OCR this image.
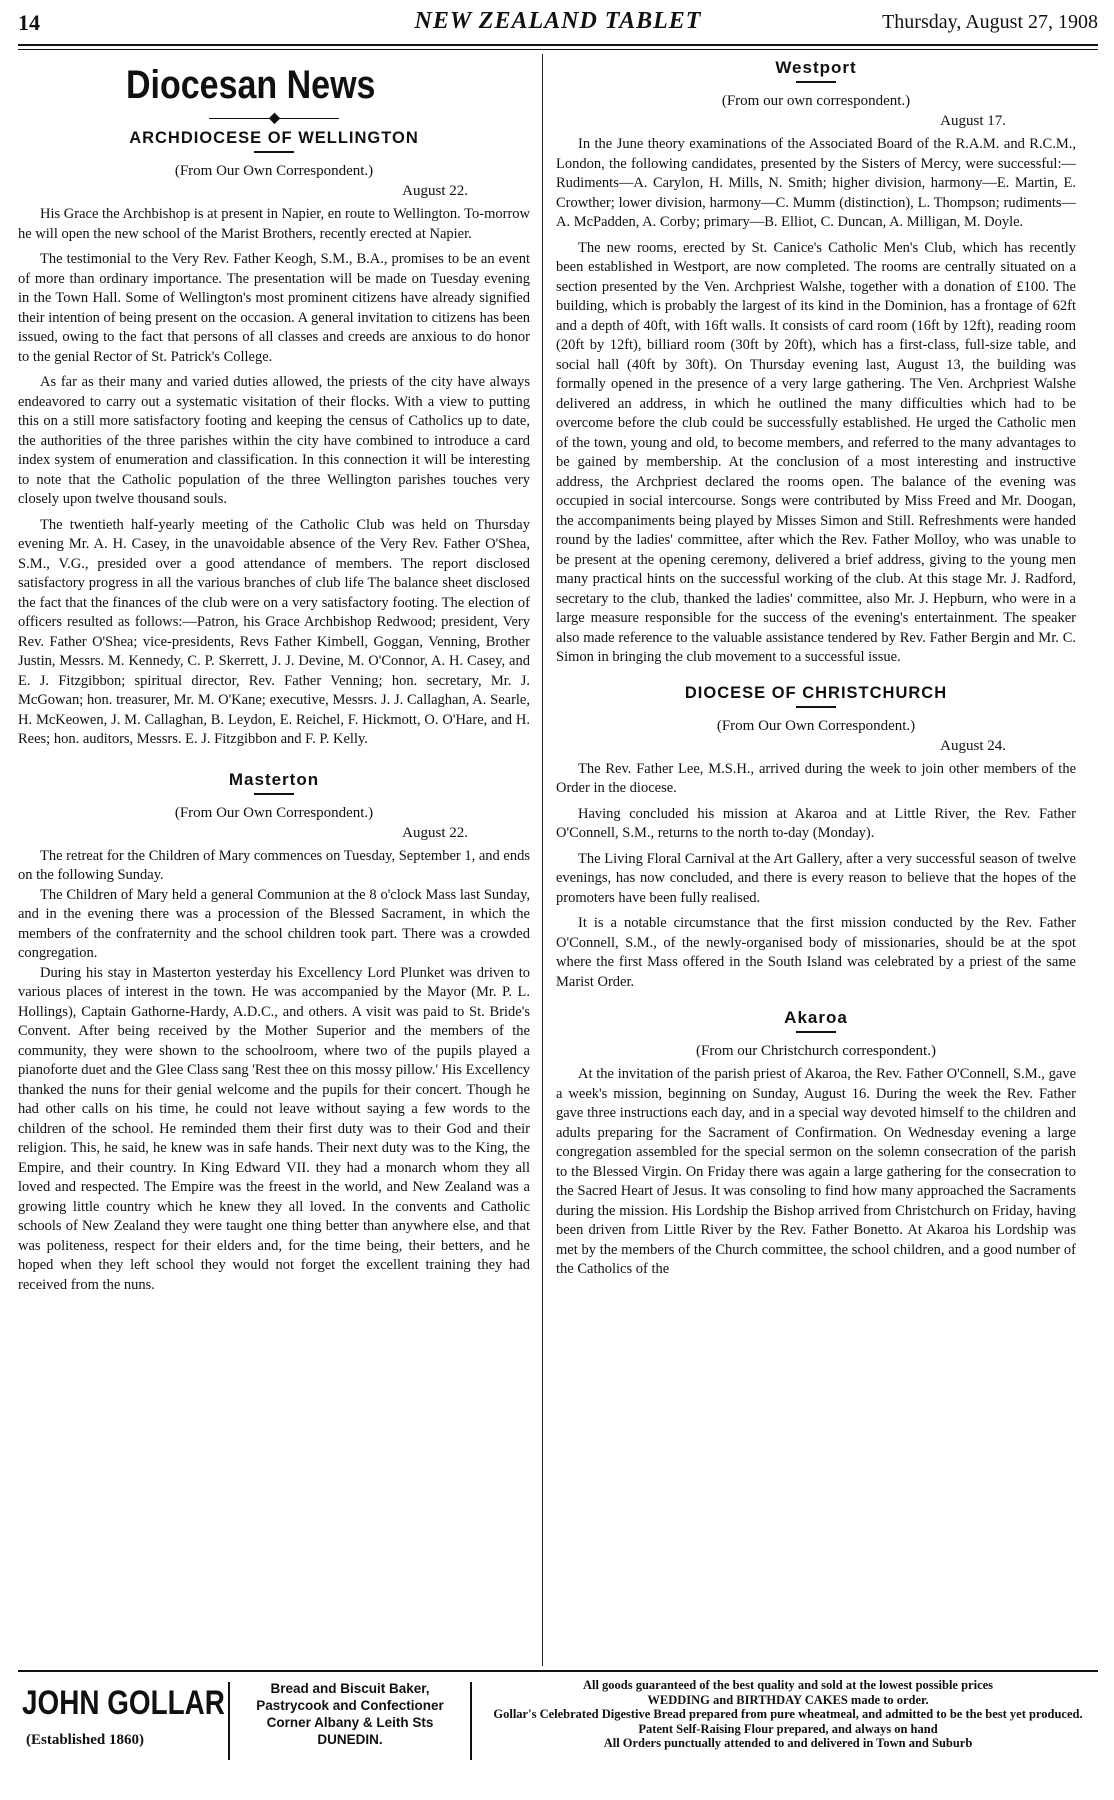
14	NEW ZEALAND TABLET	Thursday, August 27, 1908
Diocesan News
◆
ARCHDIOCESE OF WELLINGTON
(From Our Own Correspondent.)
August 22.

His Grace the Archbishop is at present in Napier, en route to Wellington. To-morrow he will open the new school of the Marist Brothers, recently erected at Napier.

The testimonial to the Very Rev. Father Keogh, S.M., B.A., promises to be an event of more than ordinary importance. The presentation will be made on Tuesday evening in the Town Hall. Some of Wellington's most prominent citizens have already signified their intention of being present on the occasion. A general invitation to citizens has been issued, owing to the fact that persons of all classes and creeds are anxious to do honor to the genial Rector of St. Patrick's College.

As far as their many and varied duties allowed, the priests of the city have always endeavored to carry out a systematic visitation of their flocks. With a view to putting this on a still more satisfactory footing and keeping the census of Catholics up to date, the authorities of the three parishes within the city have combined to introduce a card index system of enumeration and classification. In this connection it will be interesting to note that the Catholic population of the three Wellington parishes touches very closely upon twelve thousand souls.

The twentieth half-yearly meeting of the Catholic Club was held on Thursday evening Mr. A. H. Casey, in the unavoidable absence of the Very Rev. Father O'Shea, S.M., V.G., presided over a good attendance of members. The report disclosed satisfactory progress in all the various branches of club life The balance sheet disclosed the fact that the finances of the club were on a very satisfactory footing. The election of officers resulted as follows:—Patron, his Grace Archbishop Redwood; president, Very Rev. Father O'Shea; vice-presidents, Revs Father Kimbell, Goggan, Venning, Brother Justin, Messrs. M. Kennedy, C. P. Skerrett, J. J. Devine, M. O'Connor, A. H. Casey, and E. J. Fitzgibbon; spiritual director, Rev. Father Venning; hon. secretary, Mr. J. McGowan; hon. treasurer, Mr. M. O'Kane; executive, Messrs. J. J. Callaghan, A. Searle, H. McKeowen, J. M. Callaghan, B. Leydon, E. Reichel, F. Hickmott, O. O'Hare, and H. Rees; hon. auditors, Messrs. E. J. Fitzgibbon and F. P. Kelly.

Masterton
(From Our Own Correspondent.)
August 22.

The retreat for the Children of Mary commences on Tuesday, September 1, and ends on the following Sunday.

The Children of Mary held a general Communion at the 8 o'clock Mass last Sunday, and in the evening there was a procession of the Blessed Sacrament, in which the members of the confraternity and the school children took part. There was a crowded congregation.

During his stay in Masterton yesterday his Excellency Lord Plunket was driven to various places of interest in the town. He was accompanied by the Mayor (Mr. P. L. Hollings), Captain Gathorne-Hardy, A.D.C., and others. A visit was paid to St. Bride's Convent. After being received by the Mother Superior and the members of the community, they were shown to the schoolroom, where two of the pupils played a pianoforte duet and the Glee Class sang 'Rest thee on this mossy pillow.' His Excellency thanked the nuns for their genial welcome and the pupils for their concert. Though he had other calls on his time, he could not leave without saying a few words to the children of the school. He reminded them their first duty was to their God and their religion. This, he said, he knew was in safe hands. Their next duty was to the King, the Empire, and their country. In King Edward VII. they had a monarch whom they all loved and respected. The Empire was the freest in the world, and New Zealand was a growing little country which he knew they all loved. In the convents and Catholic schools of New Zealand they were taught one thing better than anywhere else, and that was politeness, respect for their elders and, for the time being, their betters, and he hoped when they left school they would not forget the excellent training they had received from the nuns.

Westport
(From our own correspondent.)
August 17.

In the June theory examinations of the Associated Board of the R.A.M. and R.C.M., London, the following candidates, presented by the Sisters of Mercy, were successful:—Rudiments—A. Carylon, H. Mills, N. Smith; higher division, harmony—E. Martin, E. Crowther; lower division, harmony—C. Mumm (distinction), L. Thompson; rudiments—A. McPadden, A. Corby; primary—B. Elliot, C. Duncan, A. Milligan, M. Doyle.

The new rooms, erected by St. Canice's Catholic Men's Club, which has recently been established in Westport, are now completed. The rooms are centrally situated on a section presented by the Ven. Archpriest Walshe, together with a donation of £100. The building, which is probably the largest of its kind in the Dominion, has a frontage of 62ft and a depth of 40ft, with 16ft walls. It consists of card room (16ft by 12ft), reading room (20ft by 12ft), billiard room (30ft by 20ft), which has a first-class, full-size table, and social hall (40ft by 30ft). On Thursday evening last, August 13, the building was formally opened in the presence of a very large gathering. The Ven. Archpriest Walshe delivered an address, in which he outlined the many difficulties which had to be overcome before the club could be successfully established. He urged the Catholic men of the town, young and old, to become members, and referred to the many advantages to be gained by membership. At the conclusion of a most interesting and instructive address, the Archpriest declared the rooms open. The balance of the evening was occupied in social intercourse. Songs were contributed by Miss Freed and Mr. Doogan, the accompaniments being played by Misses Simon and Still. Refreshments were handed round by the ladies' committee, after which the Rev. Father Molloy, who was unable to be present at the opening ceremony, delivered a brief address, giving to the young men many practical hints on the successful working of the club. At this stage Mr. J. Radford, secretary to the club, thanked the ladies' committee, also Mr. J. Hepburn, who were in a large measure responsible for the success of the evening's entertainment. The speaker also made reference to the valuable assistance tendered by Rev. Father Bergin and Mr. C. Simon in bringing the club movement to a successful issue.

DIOCESE OF CHRISTCHURCH
(From Our Own Correspondent.)
August 24.

The Rev. Father Lee, M.S.H., arrived during the week to join other members of the Order in the diocese.

Having concluded his mission at Akaroa and at Little River, the Rev. Father O'Connell, S.M., returns to the north to-day (Monday).

The Living Floral Carnival at the Art Gallery, after a very successful season of twelve evenings, has now concluded, and there is every reason to believe that the hopes of the promoters have been fully realised.

It is a notable circumstance that the first mission conducted by the Rev. Father O'Connell, S.M., of the newly-organised body of missionaries, should be at the spot where the first Mass offered in the South Island was celebrated by a priest of the same Marist Order.

Akaroa
(From our Christchurch correspondent.)

At the invitation of the parish priest of Akaroa, the Rev. Father O'Connell, S.M., gave a week's mission, beginning on Sunday, August 16. During the week the Rev. Father gave three instructions each day, and in a special way devoted himself to the children and adults preparing for the Sacrament of Confirmation. On Wednesday evening a large congregation assembled for the special sermon on the solemn consecration of the parish to the Blessed Virgin. On Friday there was again a large gathering for the consecration to the Sacred Heart of Jesus. It was consoling to find how many approached the Sacraments during the mission. His Lordship the Bishop arrived from Christchurch on Friday, having been driven from Little River by the Rev. Father Bonetto. At Akaroa his Lordship was met by the members of the Church committee, the school children, and a good number of the Catholics of the

JOHN GOLLAR
(Established 1860)
Bread and Biscuit Baker,
Pastrycook and Confectioner
Corner Albany & Leith Sts
DUNEDIN.
All goods guaranteed of the best quality and sold at the lowest possible prices
WEDDING and BIRTHDAY CAKES made to order.
Gollar's Celebrated Digestive Bread prepared from pure wheatmeal, and admitted to be the best yet produced. Patent Self-Raising Flour prepared, and always on hand
All Orders punctually attended to and delivered in Town and Suburb
